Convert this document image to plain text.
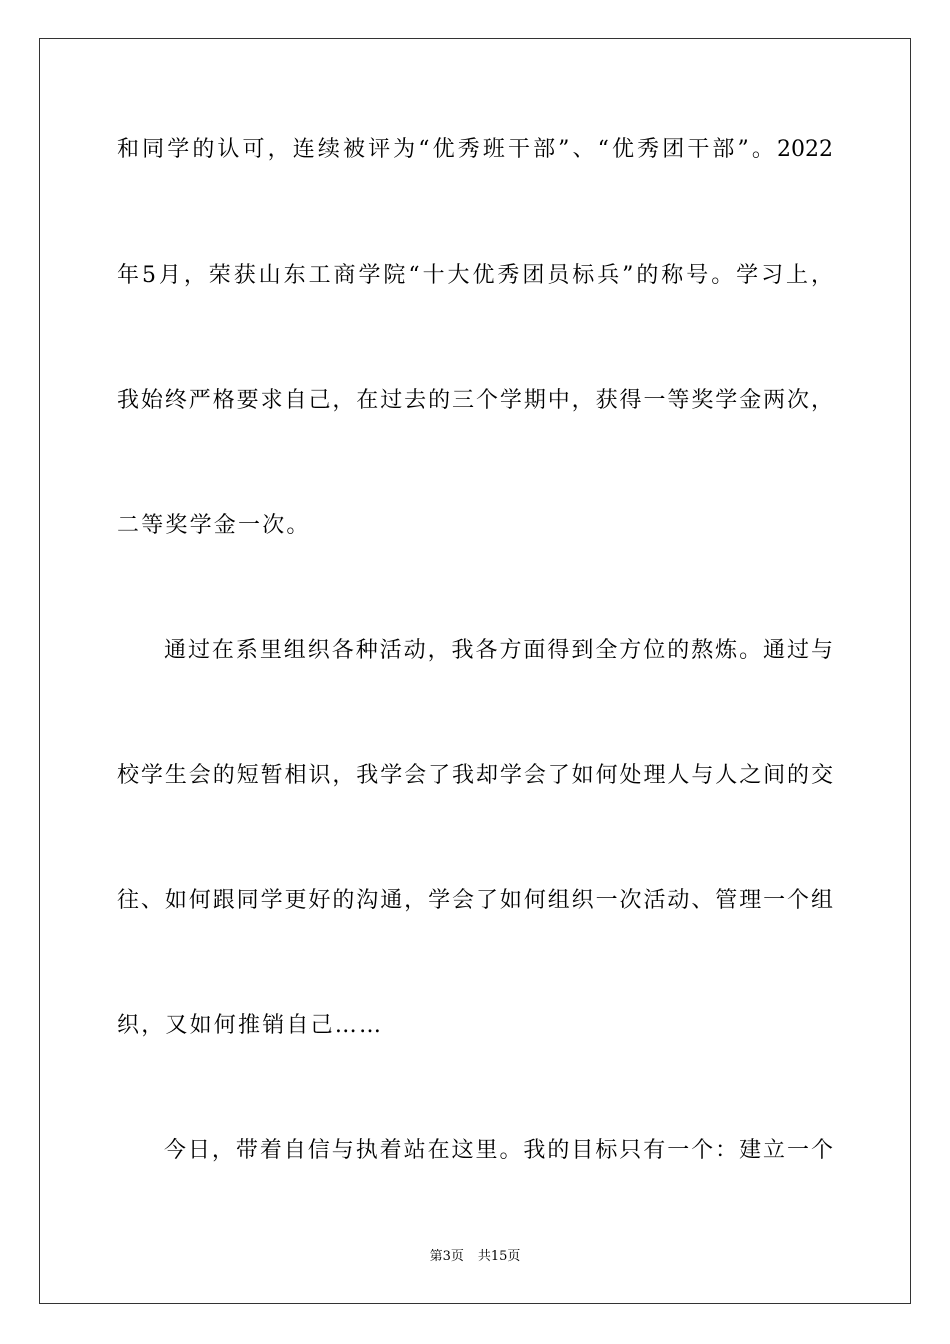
和同学的认可，连续被评为“优秀班干部”、“优秀团干部”。2022
年5月，荣获山东工商学院“十大优秀团员标兵”的称号。学习上，
我始终严格要求自己，在过去的三个学期中，获得一等奖学金两次，
二等奖学金一次。
通过在系里组织各种活动，我各方面得到全方位的熬炼。通过与
校学生会的短暂相识，我学会了我却学会了如何处理人与人之间的交
往、如何跟同学更好的沟通，学会了如何组织一次活动、管理一个组
织，又如何推销自己……
今日，带着自信与执着站在这里。我的目标只有一个：建立一个
第3页 共15页
